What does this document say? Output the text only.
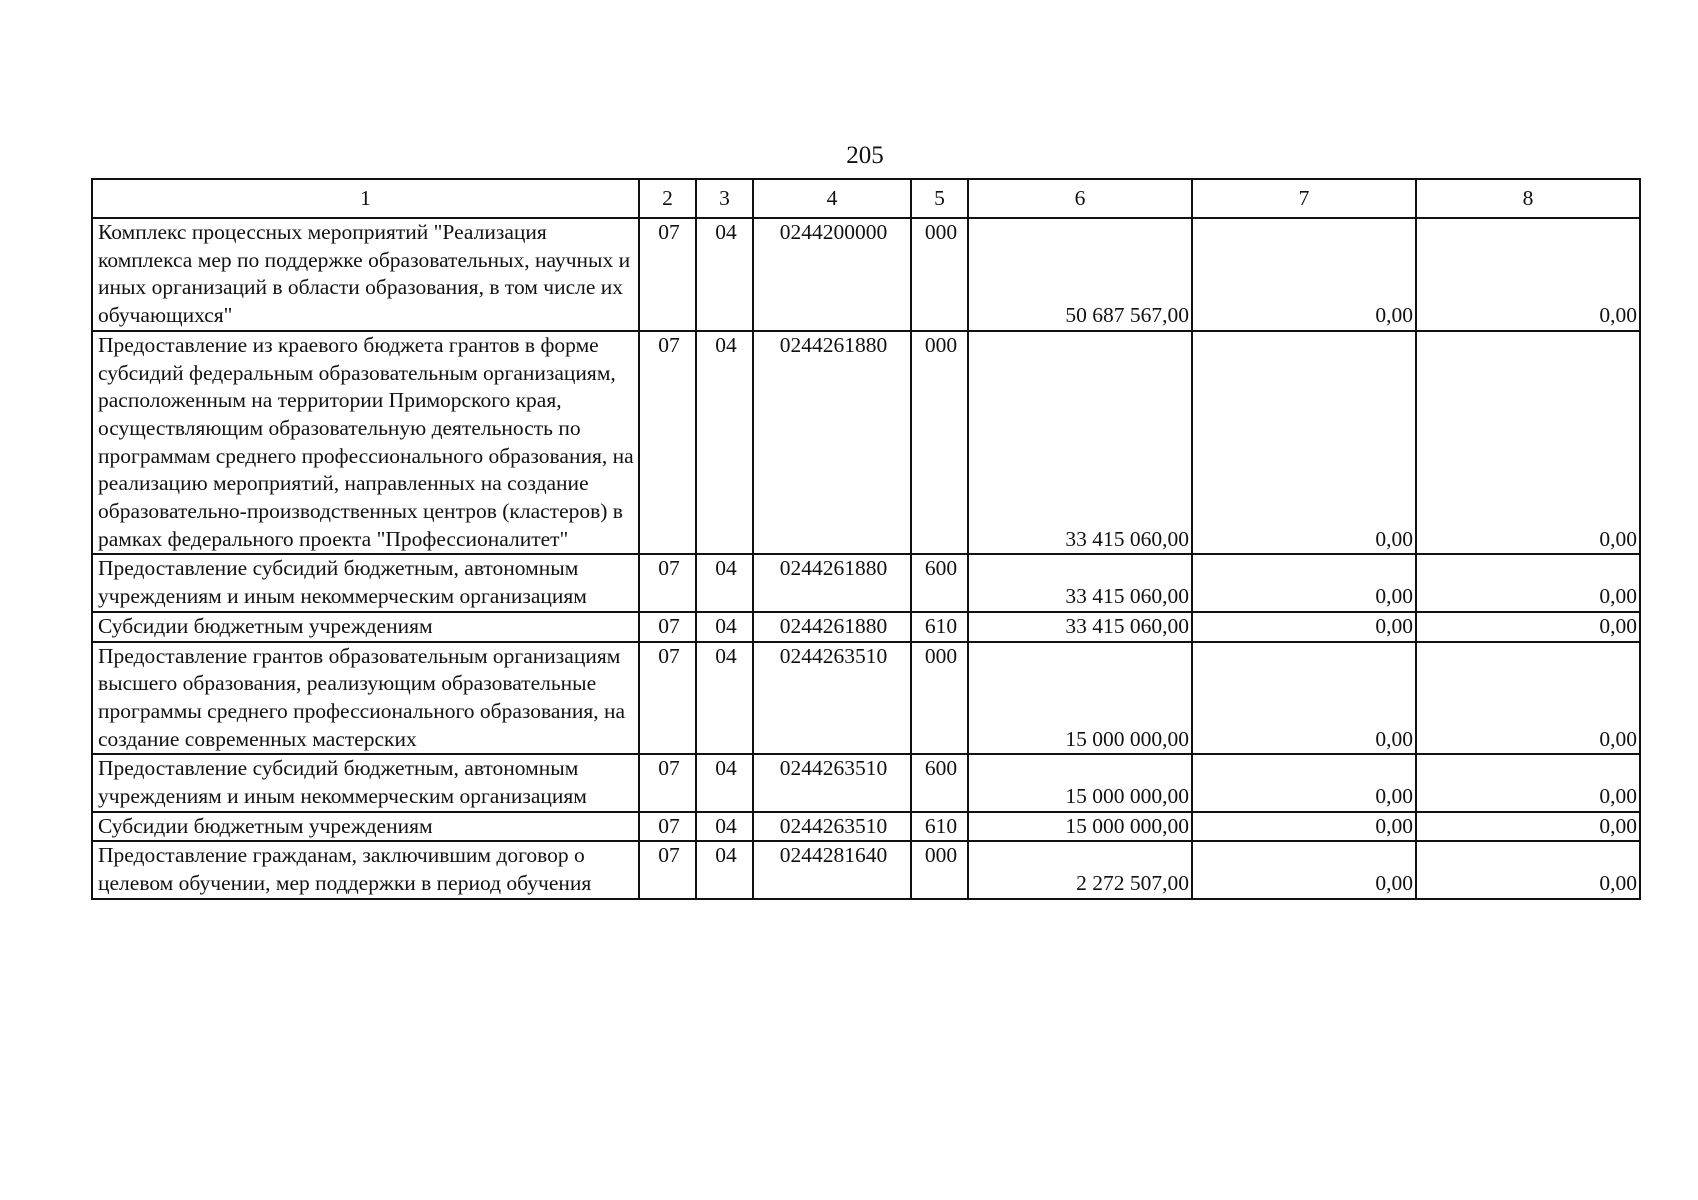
205
1	2	3	4	5	6	7	8
Комплекс процессных мероприятий "Реализация комплекса мер по поддержке образовательных, научных и иных организаций в области образования, в том числе их обучающихся"	07	04	0244200000	000	50 687 567,00	0,00	0,00
Предоставление из краевого бюджета грантов в форме субсидий федеральным образовательным организациям, расположенным на территории Приморского края, осуществляющим образовательную деятельность по программам среднего профессионального образования, на реализацию мероприятий, направленных на создание образовательно-производственных центров (кластеров) в рамках федерального проекта "Профессионалитет"	07	04	0244261880	000	33 415 060,00	0,00	0,00
Предоставление субсидий бюджетным, автономным учреждениям и иным некоммерческим организациям	07	04	0244261880	600	33 415 060,00	0,00	0,00
Субсидии бюджетным учреждениям	07	04	0244261880	610	33 415 060,00	0,00	0,00
Предоставление грантов образовательным организациям высшего образования, реализующим образовательные программы среднего профессионального образования, на создание современных мастерских	07	04	0244263510	000	15 000 000,00	0,00	0,00
Предоставление субсидий бюджетным, автономным учреждениям и иным некоммерческим организациям	07	04	0244263510	600	15 000 000,00	0,00	0,00
Субсидии бюджетным учреждениям	07	04	0244263510	610	15 000 000,00	0,00	0,00
Предоставление гражданам, заключившим договор о целевом обучении, мер поддержки в период обучения	07	04	0244281640	000	2 272 507,00	0,00	0,00
